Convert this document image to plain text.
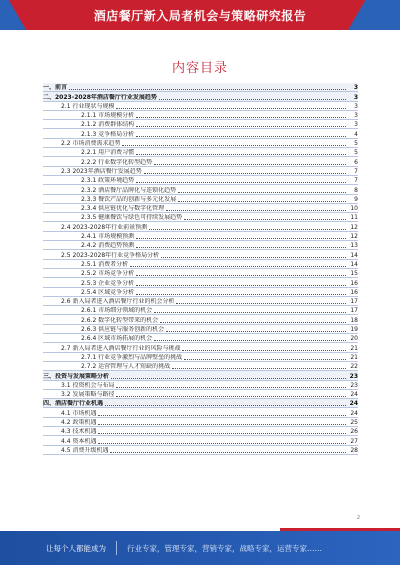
酒店餐厅新入局者机会与策略研究报告
内容目录
一、前言	3
二、2023-2028年酒店餐厅行业发展趋势	3
2.1 行业现状与规模	3
2.1.1 市场规模分析	3
2.1.2 消费群体结构	3
2.1.3 竞争格局分析	4
2.2 市场消费需求趋势	5
2.2.1 用户消费习惯	5
2.2.2 行业数字化转型趋势	6
2.3 2023年酒店餐厅发展趋势	7
2.3.1 政策环境趋势	7
2.3.2 酒店餐厅品牌化与连锁化趋势	8
2.3.3 餐饮产品的创新与多元化发展	9
2.3.4 供应链优化与数字化管理	10
2.3.5 健康餐饮与绿色可持续发展趋势	11
2.4 2023-2028年行业前景预测	12
2.4.1 市场规模预测	12
2.4.2 消费趋势预测	13
2.5 2023-2028年行业竞争格局分析	14
2.5.1 消费者分析	14
2.5.2 市场竞争分析	15
2.5.3 企业竞争分析	16
2.5.4 区域竞争分析	16
2.6 新入局者进入酒店餐厅行业的机会分析	17
2.6.1 市场细分领域的机会	17
2.6.2 数字化转型带来的机会	18
2.6.3 供应链与服务创新的机会	19
2.6.4 区域市场拓展的机会	20
2.7 新入局者进入酒店餐厅行业的风险与挑战	21
2.7.1 行业竞争激烈与品牌壁垒的挑战	21
2.7.2 运营管理与人才短缺的挑战	22
三、投资与发展策略分析	23
3.1 投资机会与布局	23
3.2 发展策略与路径	24
四、酒店餐厅行业机遇	24
4.1 市场机遇	24
4.2 政策机遇	25
4.3 技术机遇	26
4.4 资本机遇	27
4.5 消费升级机遇	28
2
让每个人都能成为	行业专家，管理专家，营销专家，战略专家，运营专家……
